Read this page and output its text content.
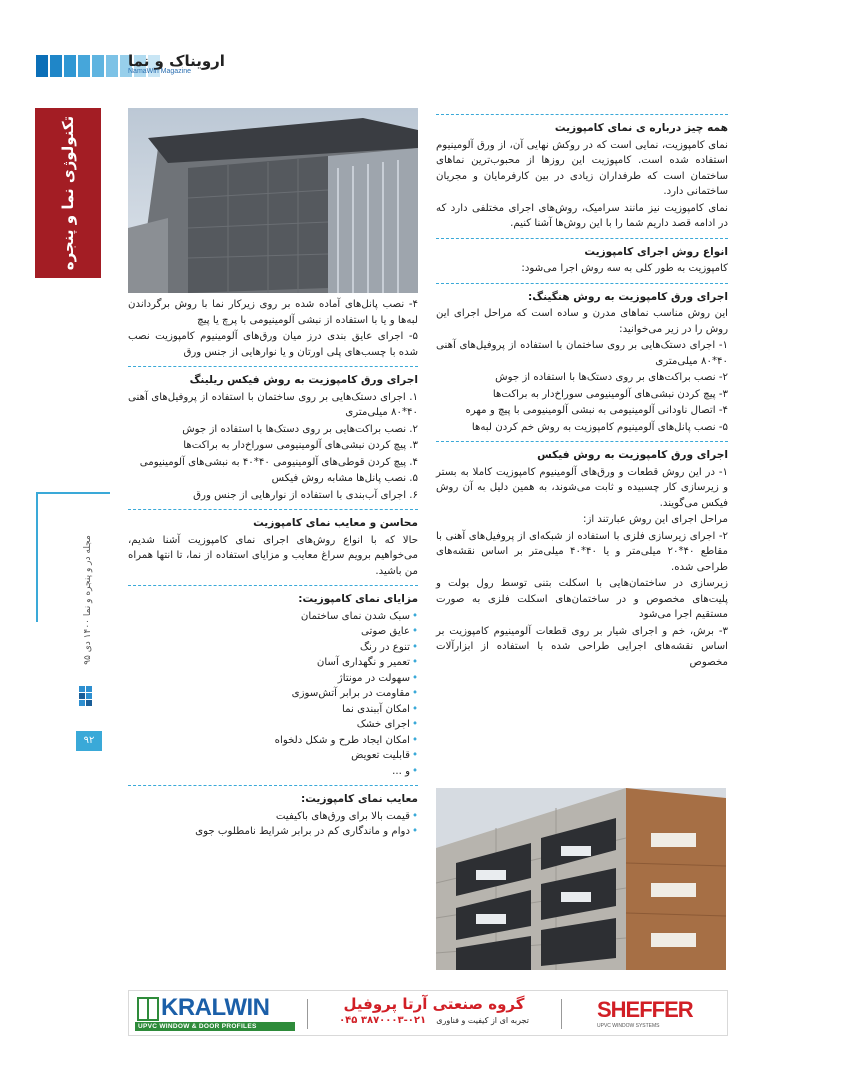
ارویناک و نما
NamaWin Magazine
تکنولوژی نما و پنجره
مجله در و پنجره و نما ۱۴۰۰ دی ۹۵
۹۲
همه چیز درباره ی نمای کامپوزیت
نمای کامپوزیت، نمایی است که در روکش نهایی آن، از ورق آلومینیوم استفاده شده است. کامپوزیت این روزها از محبوب‌ترین نماهای ساختمان است که طرفداران زیادی در بین کارفرمایان و مجریان ساختمانی دارد.
نمای کامپوزیت نیز مانند سرامیک، روش‌های اجرای مختلفی دارد که در ادامه قصد داریم شما را با این روش‌ها آشنا کنیم.
انواع روش اجرای کامپوزیت
کامپوزیت به طور کلی به سه روش اجرا می‌شود:
اجرای ورق کامپوزیت به روش هنگینگ:
این روش مناسب نماهای مدرن و ساده است که مراحل اجرای این روش را در زیر می‌خوانید:
۱- اجرای دستک‌هایی بر روی ساختمان با استفاده از پروفیل‌های آهنی ۴۰*۸۰ میلی‌متری
۲- نصب براکت‌های بر روی دستک‌ها با استفاده از جوش
۳- پیچ کردن نبشی‌های آلومینیومی سوراخ‌دار به براکت‌ها
۴- اتصال ناودانی آلومینیومی به نبشی آلومینیومی با پیچ و مهره
۵- نصب پانل‌های آلومینیوم کامپوزیت به روش خم کردن لبه‌ها
اجرای ورق کامپوزیت به روش فیکس
۱- در این روش قطعات و ورق‌های آلومینیوم کامپوزیت کاملا به بستر و زیرسازی کار چسبیده و ثابت می‌شوند، به همین دلیل به آن روش فیکس می‌گویند.
مراحل اجرای این روش عبارتند از:
۲- اجرای زیرسازی فلزی با استفاده از شبکه‌ای از پروفیل‌های آهنی با مقاطع ۴۰*۲۰ میلی‌متر و یا ۴۰*۴۰ میلی‌متر بر اساس نقشه‌های طراحی شده.
زیرسازی در ساختمان‌هایی با اسکلت بتنی توسط رول بولت و پلیت‌های مخصوص و در ساختمان‌های اسکلت فلزی به صورت مستقیم اجرا می‌شود
۳- برش، خم و اجرای شیار بر روی قطعات آلومینیوم کامپوزیت بر اساس نقشه‌های اجرایی طراحی شده با استفاده از ابزارآلات مخصوص
۴- نصب پانل‌های آماده شده بر روی زیرکار نما با روش برگرداندن لبه‌ها و یا با استفاده از نبشی آلومینیومی با پرچ یا پیچ
۵- اجرای عایق بندی درز میان ورق‌های آلومینیوم کامپوزیت نصب شده با چسب‌های پلی اورتان و یا نوارهایی از جنس ورق
اجرای ورق کامپوزیت به روش فیکس ریلینگ
۱. اجرای دستک‌هایی بر روی ساختمان با استفاده از پروفیل‌های آهنی ۴۰*۸۰ میلی‌متری
۲. نصب براکت‌هایی بر روی دستک‌ها با استفاده از جوش
۳. پیچ کردن نبشی‌های آلومینیومی سوراخ‌دار به براکت‌ها
۴. پیچ کردن قوطی‌های آلومینیومی ۴۰*۴۰ به نبشی‌های آلومینیومی
۵. نصب پانل‌ها مشابه روش فیکس
۶. اجرای آب‌بندی با استفاده از نوارهایی از جنس ورق
محاسن و معایب نمای کامپوزیت
حالا که با انواع روش‌های اجرای نمای کامپوزیت آشنا شدیم، می‌خواهیم برویم سراغ معایب و مزایای استفاده از نما، تا انتها همراه من باشید.
مزایای نمای کامپوزیت:
• سبک شدن نمای ساختمان
• عایق صوتی
• تنوع در رنگ
• تعمیر و نگهداری آسان
• سهولت در مونتاژ
• مقاومت در برابر آتش‌سوزی
• امکان آببندی نما
• اجرای خشک
• امکان ایجاد طرح و شکل دلخواه
• قابلیت تعویض
• و ...
معایب نمای کامپوزیت:
• قیمت بالا برای ورق‌های باکیفیت
• دوام و ماندگاری کم در برابر شرایط نامطلوب جوی
KRALWIN
UPVC WINDOW & DOOR PROFILES
گروه صنعتی آرتا پروفیل
تجربه ای از کیفیت و فناوری    ۰۲۱-۳۸۷۰۰۰۳ ۰۴۵	SHEFFER
UPVC WINDOW SYSTEMS
